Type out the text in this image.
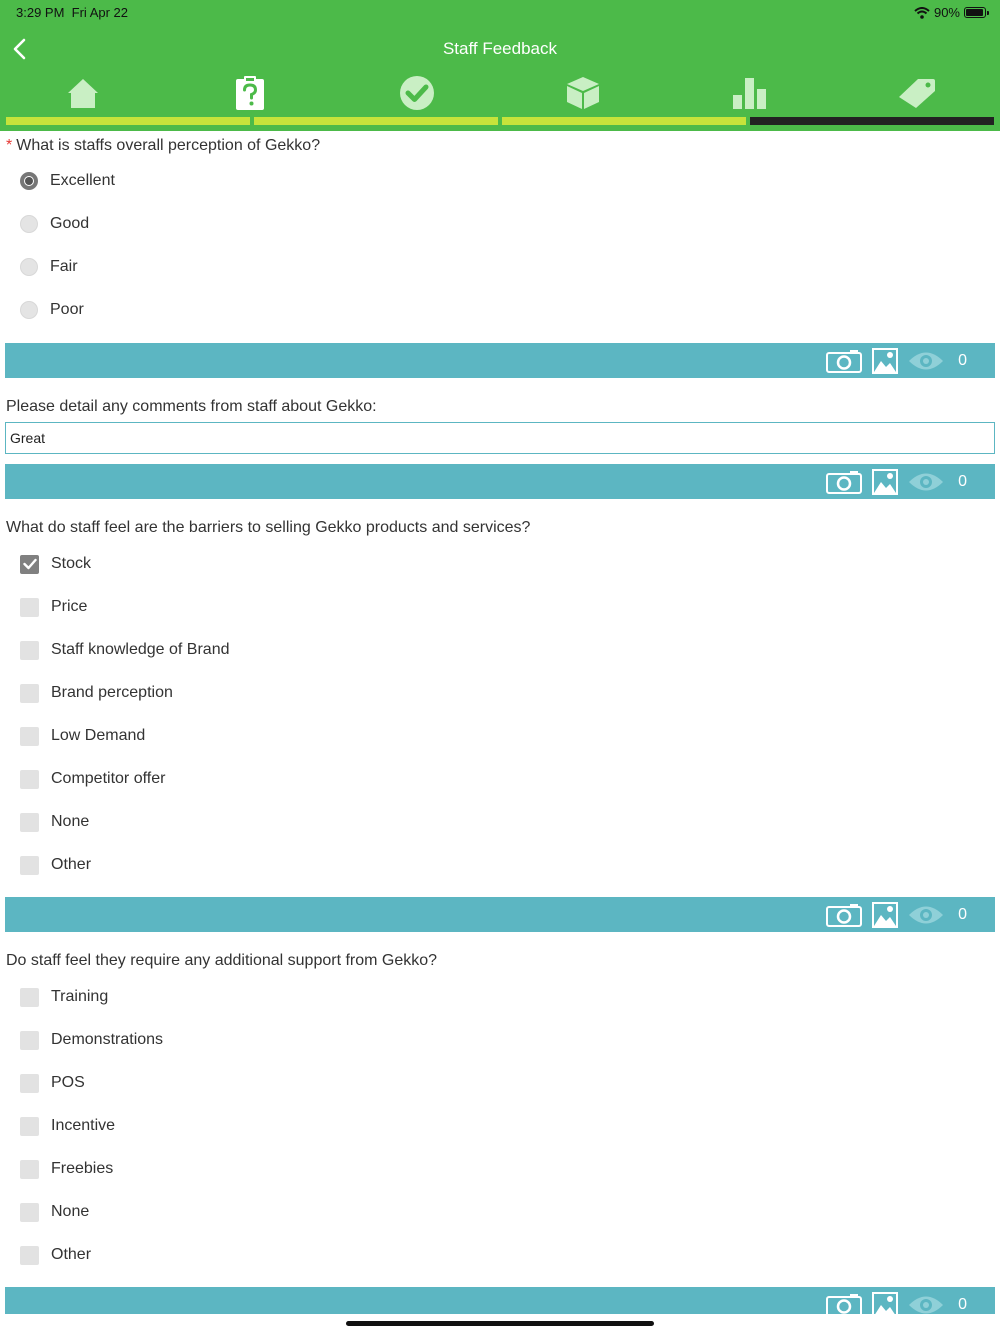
3:29 PM Fri Apr 22	90%
Staff Feedback
* What is staffs overall perception of Gekko?
Excellent
Good
Fair
Poor
0
Please detail any comments from staff about Gekko:
Great
0
What do staff feel are the barriers to selling Gekko products and services?
Stock
Price
Staff knowledge of Brand
Brand perception
Low Demand
Competitor offer
None
Other
0
Do staff feel they require any additional support from Gekko?
Training
Demonstrations
POS
Incentive
Freebies
None
Other
0
